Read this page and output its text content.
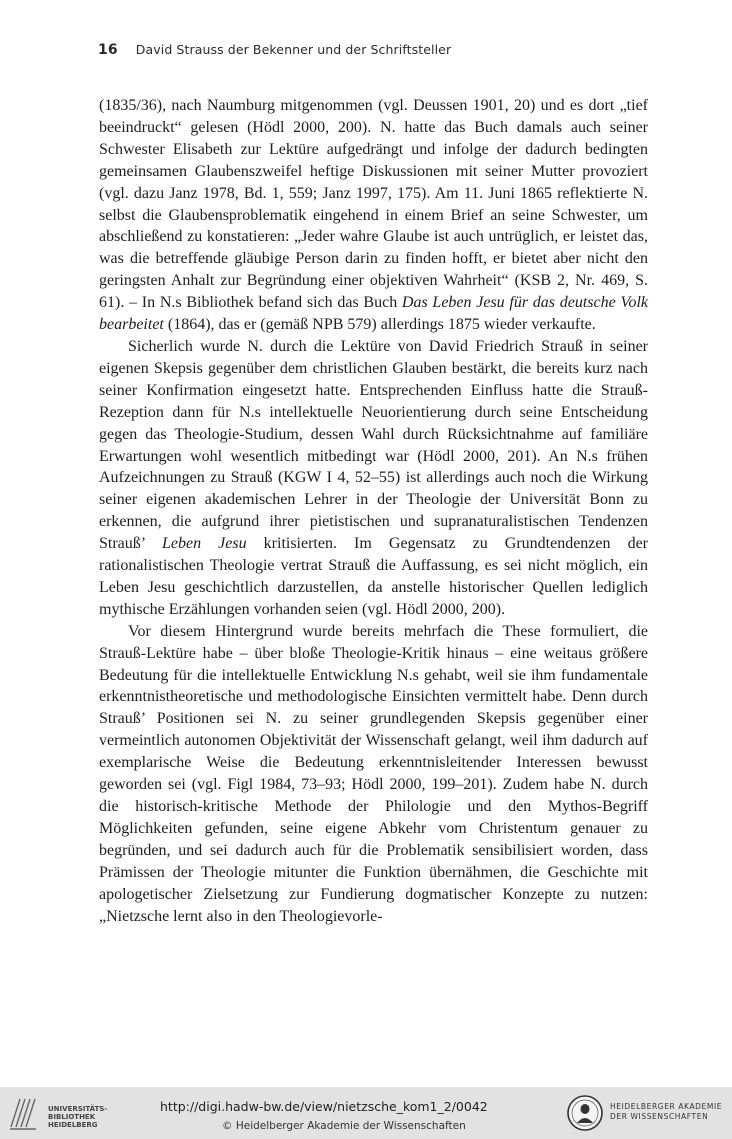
16 David Strauss der Bekenner und der Schriftsteller

(1835/36), nach Naumburg mitgenommen (vgl. Deussen 1901, 20) und es dort „tief beeindruckt“ gelesen (Hödl 2000, 200). N. hatte das Buch damals auch seiner Schwester Elisabeth zur Lektüre aufgedrängt und infolge der dadurch bedingten gemeinsamen Glaubenszweifel heftige Diskussionen mit seiner Mutter provoziert (vgl. dazu Janz 1978, Bd. 1, 559; Janz 1997, 175). Am 11. Juni 1865 reflektierte N. selbst die Glaubensproblematik eingehend in einem Brief an seine Schwester, um abschließend zu konstatieren: „Jeder wahre Glaube ist auch untrüglich, er leistet das, was die betreffende gläubige Person darin zu finden hofft, er bietet aber nicht den geringsten Anhalt zur Begründung einer objektiven Wahrheit“ (KSB 2, Nr. 469, S. 61). – In N.s Bibliothek befand sich das Buch Das Leben Jesu für das deutsche Volk bearbeitet (1864), das er (gemäß NPB 579) allerdings 1875 wieder verkaufte.

Sicherlich wurde N. durch die Lektüre von David Friedrich Strauß in seiner eigenen Skepsis gegenüber dem christlichen Glauben bestärkt, die bereits kurz nach seiner Konfirmation eingesetzt hatte. Entsprechenden Einfluss hatte die Strauß-Rezeption dann für N.s intellektuelle Neuorientierung durch seine Entscheidung gegen das Theologie-Studium, dessen Wahl durch Rücksichtnahme auf familiäre Erwartungen wohl wesentlich mitbedingt war (Hödl 2000, 201). An N.s frühen Aufzeichnungen zu Strauß (KGW I 4, 52–55) ist allerdings auch noch die Wirkung seiner eigenen akademischen Lehrer in der Theologie der Universität Bonn zu erkennen, die aufgrund ihrer pietistischen und supranaturalistischen Tendenzen Strauß’ Leben Jesu kritisierten. Im Gegensatz zu Grundtendenzen der rationalistischen Theologie vertrat Strauß die Auffassung, es sei nicht möglich, ein Leben Jesu geschichtlich darzustellen, da anstelle historischer Quellen lediglich mythische Erzählungen vorhanden seien (vgl. Hödl 2000, 200).

Vor diesem Hintergrund wurde bereits mehrfach die These formuliert, die Strauß-Lektüre habe – über bloße Theologie-Kritik hinaus – eine weitaus größere Bedeutung für die intellektuelle Entwicklung N.s gehabt, weil sie ihm fundamentale erkenntnistheoretische und methodologische Einsichten vermittelt habe. Denn durch Strauß’ Positionen sei N. zu seiner grundlegenden Skepsis gegenüber einer vermeintlich autonomen Objektivität der Wissenschaft gelangt, weil ihm dadurch auf exemplarische Weise die Bedeutung erkenntnisleitender Interessen bewusst geworden sei (vgl. Figl 1984, 73–93; Hödl 2000, 199–201). Zudem habe N. durch die historisch-kritische Methode der Philologie und den Mythos-Begriff Möglichkeiten gefunden, seine eigene Abkehr vom Christentum genauer zu begründen, und sei dadurch auch für die Problematik sensibilisiert worden, dass Prämissen der Theologie mitunter die Funktion übernähmen, die Geschichte mit apologetischer Zielsetzung zur Fundierung dogmatischer Konzepte zu nutzen: „Nietzsche lernt also in den Theologievorle-

UNIVERSITÄTS-
BIBLIOTHEK
HEIDELBERG
http://digi.hadw-bw.de/view/nietzsche_kom1_2/0042
© Heidelberger Akademie der Wissenschaften
HEIDELBERGER AKADEMIE
DER WISSENSCHAFTEN
